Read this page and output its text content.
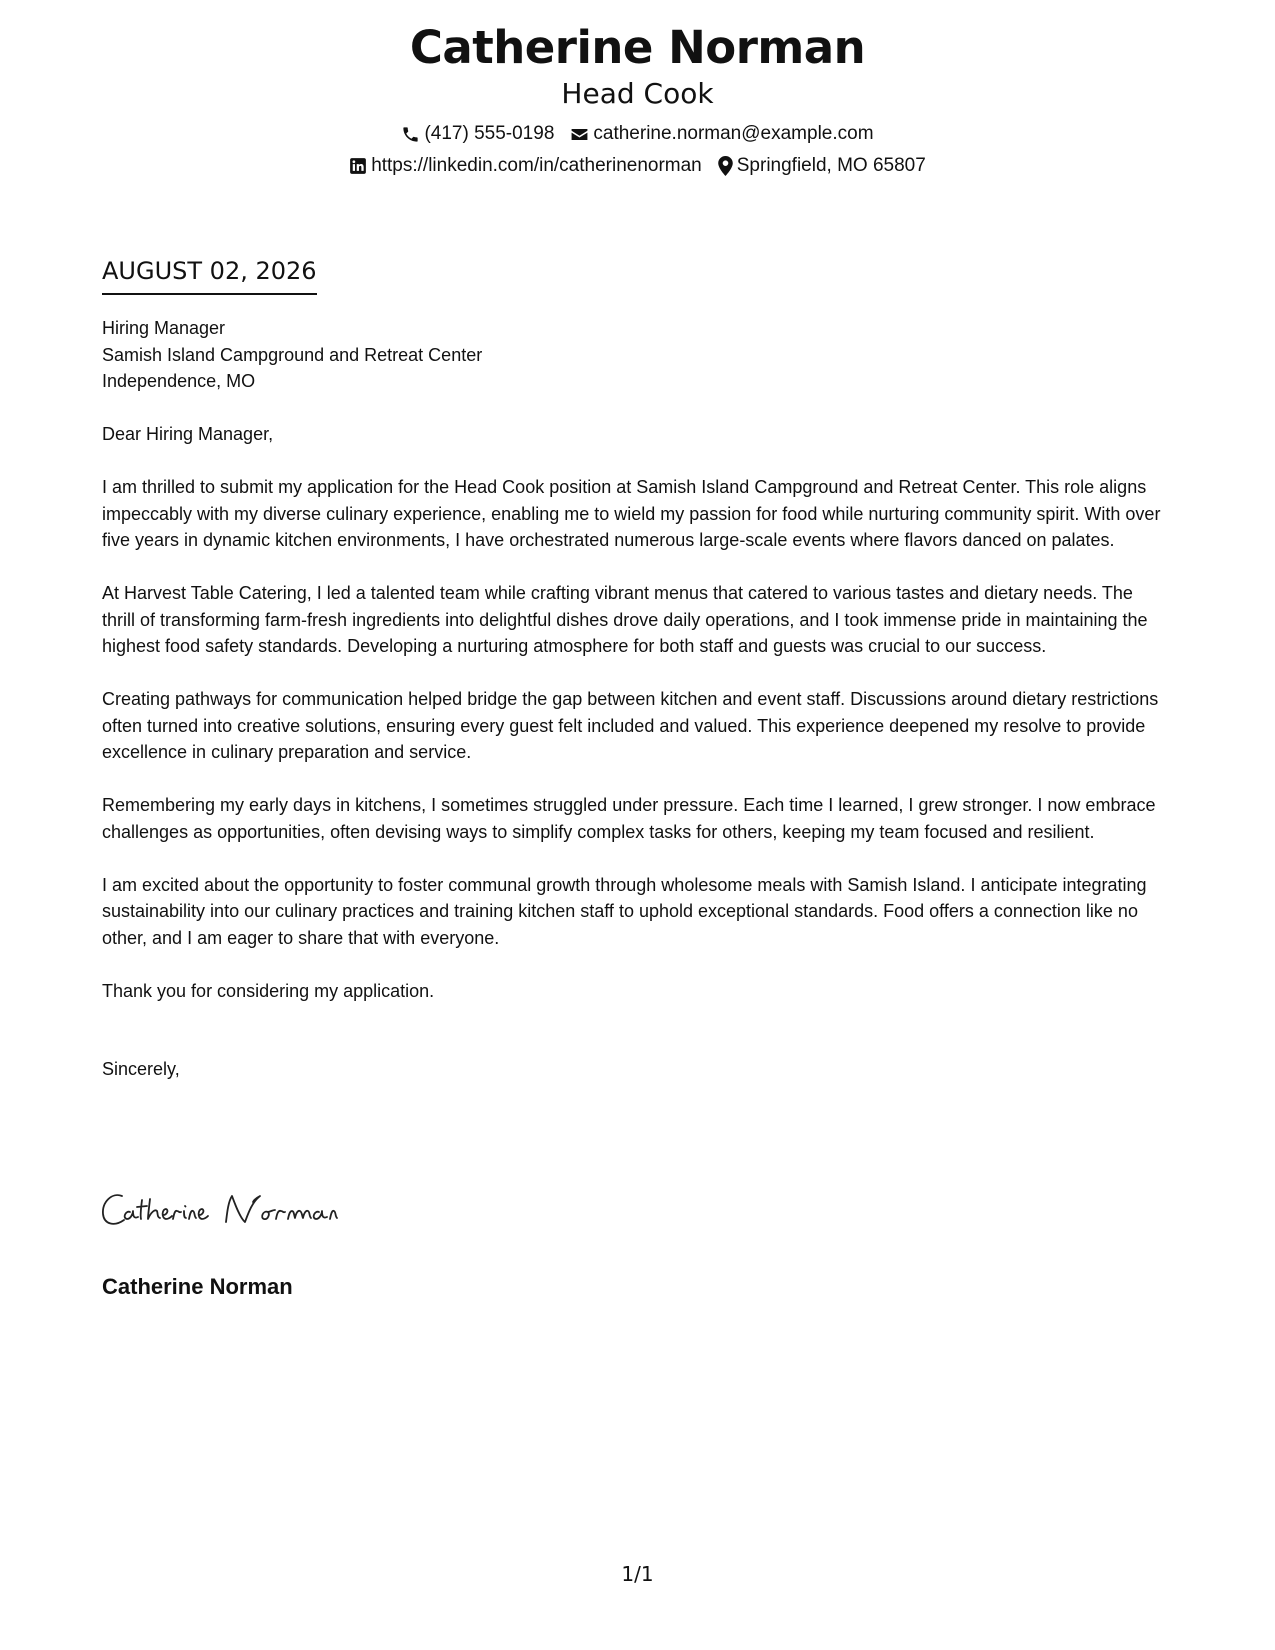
Catherine Norman
Head Cook
(417) 555-0198 catherine.norman@example.com
https://linkedin.com/in/catherinenorman Springfield, MO 65807
AUGUST 02, 2026

Hiring Manager
Samish Island Campground and Retreat Center
Independence, MO

Dear Hiring Manager,

I am thrilled to submit my application for the Head Cook position at Samish Island Campground and Retreat Center. This role aligns impeccably with my diverse culinary experience, enabling me to wield my passion for food while nurturing community spirit. With over five years in dynamic kitchen environments, I have orchestrated numerous large-scale events where flavors danced on palates.

At Harvest Table Catering, I led a talented team while crafting vibrant menus that catered to various tastes and dietary needs. The thrill of transforming farm-fresh ingredients into delightful dishes drove daily operations, and I took immense pride in maintaining the highest food safety standards. Developing a nurturing atmosphere for both staff and guests was crucial to our success.

Creating pathways for communication helped bridge the gap between kitchen and event staff. Discussions around dietary restrictions often turned into creative solutions, ensuring every guest felt included and valued. This experience deepened my resolve to provide excellence in culinary preparation and service.

Remembering my early days in kitchens, I sometimes struggled under pressure. Each time I learned, I grew stronger. I now embrace challenges as opportunities, often devising ways to simplify complex tasks for others, keeping my team focused and resilient.

I am excited about the opportunity to foster communal growth through wholesome meals with Samish Island. I anticipate integrating sustainability into our culinary practices and training kitchen staff to uphold exceptional standards. Food offers a connection like no other, and I am eager to share that with everyone.

Thank you for considering my application.

Sincerely,

Catherine Norman
1/1
